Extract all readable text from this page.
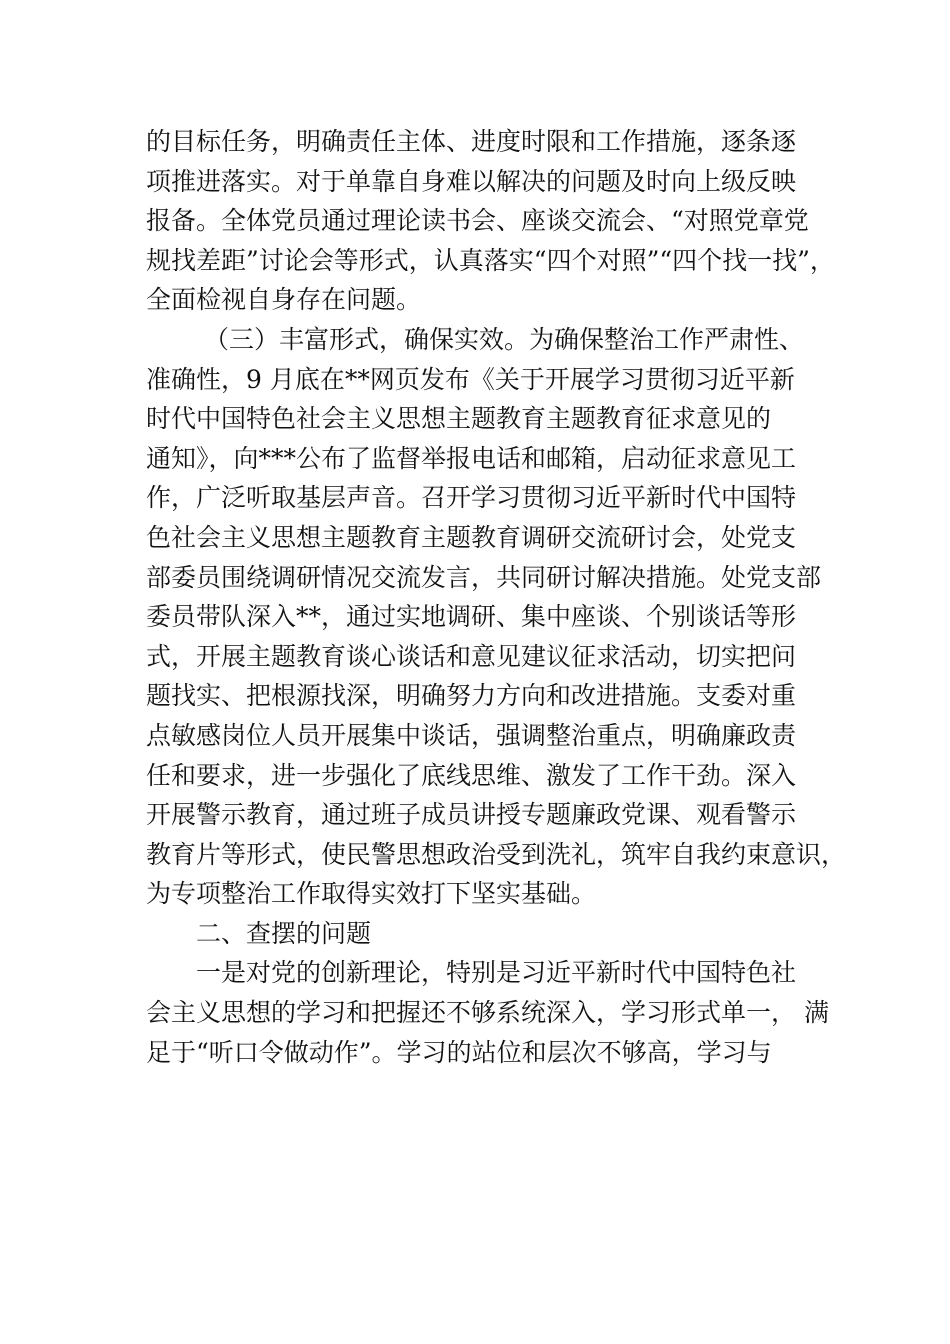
的目标任务，明确责任主体、进度时限和工作措施，逐条逐
项推进落实。对于单靠自身难以解决的问题及时向上级反映
报备。全体党员通过理论读书会、座谈交流会、“对照党章党
规找差距”讨论会等形式，认真落实“四个对照”“四个找一找”，
全面检视自身存在问题。
（三）丰富形式，确保实效。为确保整治工作严肃性、
准确性，9 月底在**网页发布《关于开展学习贯彻习近平新
时代中国特色社会主义思想主题教育主题教育征求意见的
通知》，向***公布了监督举报电话和邮箱，启动征求意见工
作，广泛听取基层声音。召开学习贯彻习近平新时代中国特
色社会主义思想主题教育主题教育调研交流研讨会，处党支
部委员围绕调研情况交流发言，共同研讨解决措施。处党支部
委员带队深入**，通过实地调研、集中座谈、个别谈话等形
式，开展主题教育谈心谈话和意见建议征求活动，切实把问
题找实、把根源找深，明确努力方向和改进措施。支委对重
点敏感岗位人员开展集中谈话，强调整治重点，明确廉政责
任和要求，进一步强化了底线思维、激发了工作干劲。深入
开展警示教育，通过班子成员讲授专题廉政党课、观看警示
教育片等形式，使民警思想政治受到洗礼，筑牢自我约束意识，
为专项整治工作取得实效打下坚实基础。
二、查摆的问题
一是对党的创新理论，特别是习近平新时代中国特色社
会主义思想的学习和把握还不够系统深入，学习形式单一， 满
足于“听口令做动作”。学习的站位和层次不够高，学习与
